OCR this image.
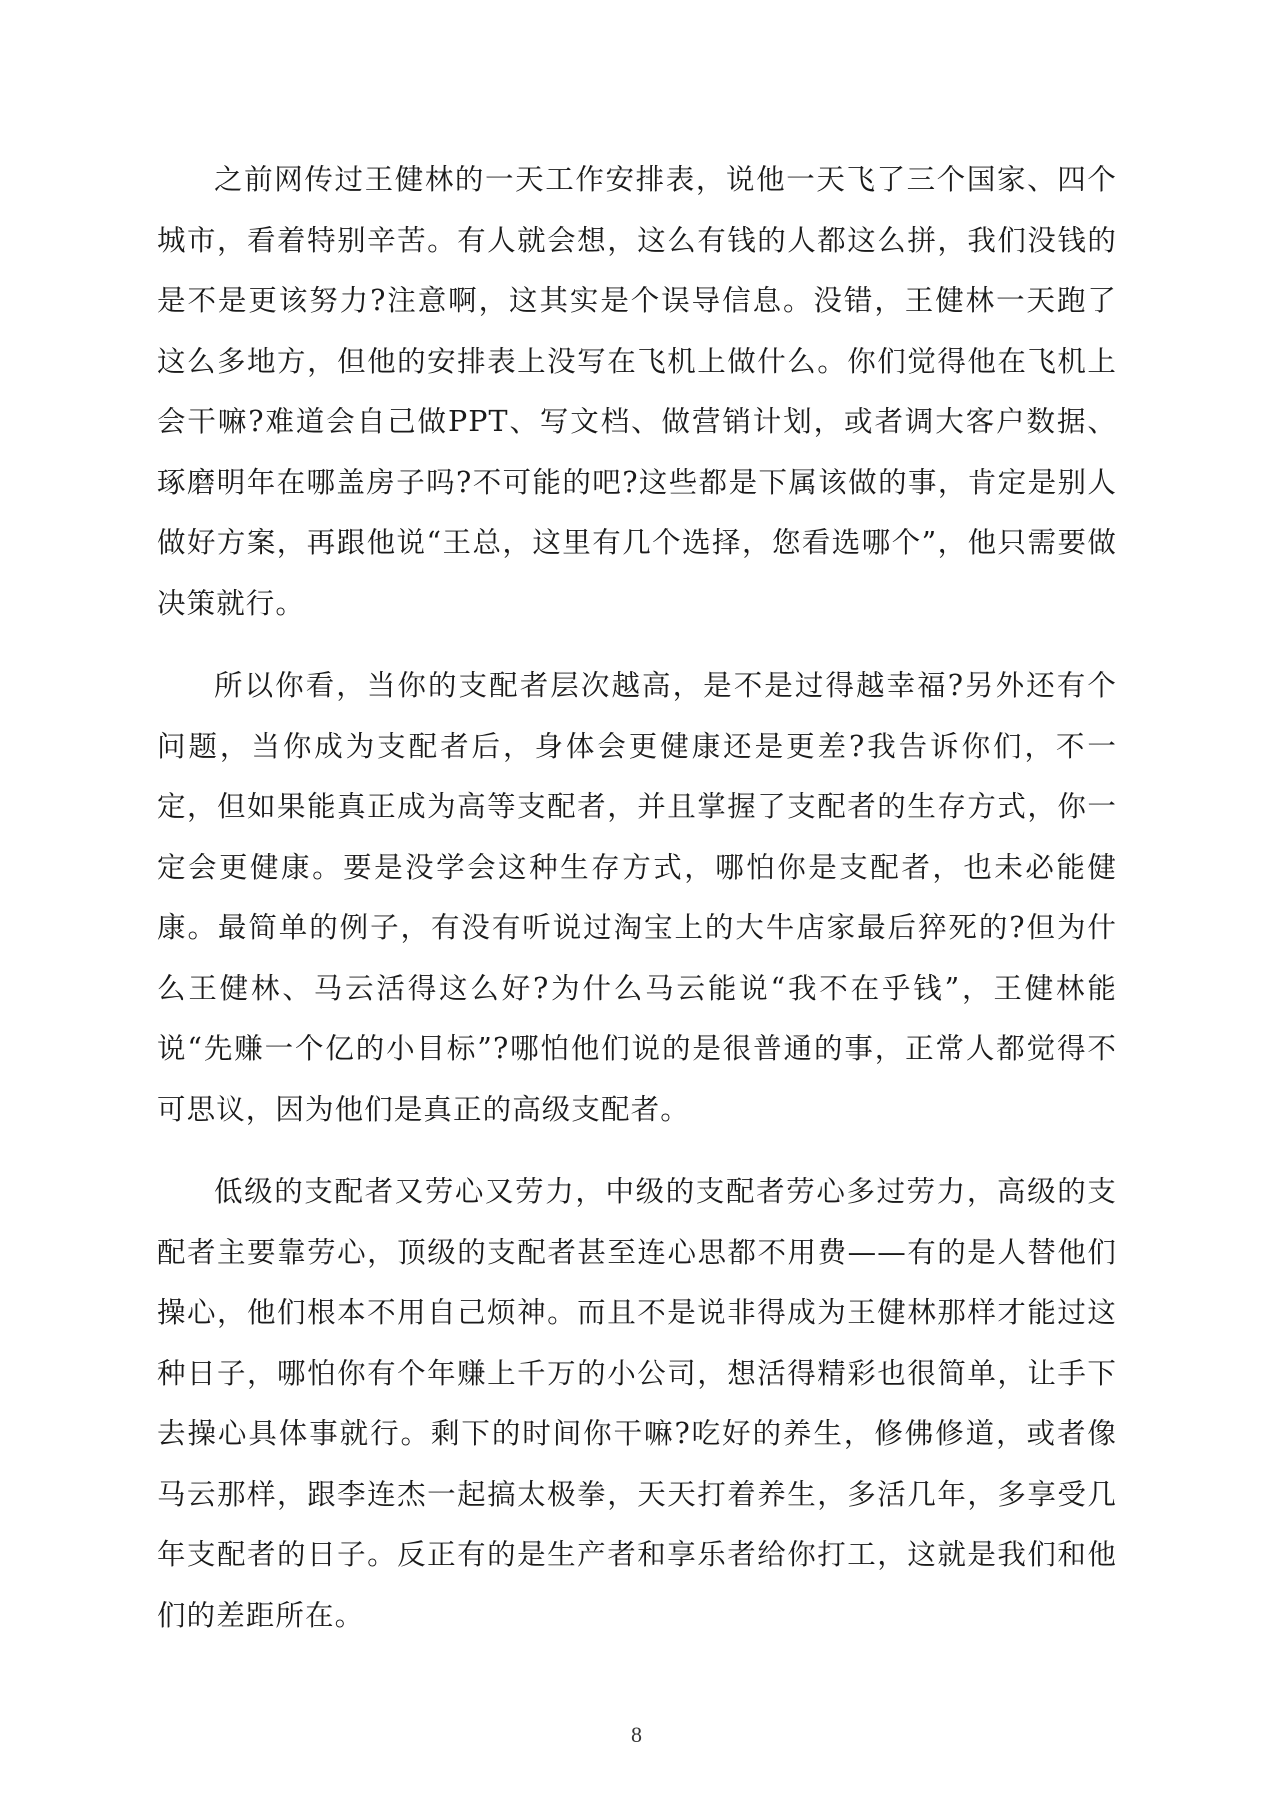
之前网传过王健林的一天工作安排表，说他一天飞了三个国家、四个城市，看着特别辛苦。有人就会想，这么有钱的人都这么拼，我们没钱的是不是更该努力?注意啊，这其实是个误导信息。没错，王健林一天跑了这么多地方，但他的安排表上没写在飞机上做什么。你们觉得他在飞机上会干嘛?难道会自己做PPT、写文档、做营销计划，或者调大客户数据、琢磨明年在哪盖房子吗?不可能的吧?这些都是下属该做的事，肯定是别人做好方案，再跟他说“王总，这里有几个选择，您看选哪个”，他只需要做决策就行。

所以你看，当你的支配者层次越高，是不是过得越幸福?另外还有个问题，当你成为支配者后，身体会更健康还是更差?我告诉你们，不一定，但如果能真正成为高等支配者，并且掌握了支配者的生存方式，你一定会更健康。要是没学会这种生存方式，哪怕你是支配者，也未必能健康。最简单的例子，有没有听说过淘宝上的大牛店家最后猝死的?但为什么王健林、马云活得这么好?为什么马云能说“我不在乎钱”，王健林能说“先赚一个亿的小目标”?哪怕他们说的是很普通的事，正常人都觉得不可思议，因为他们是真正的高级支配者。

低级的支配者又劳心又劳力，中级的支配者劳心多过劳力，高级的支配者主要靠劳心，顶级的支配者甚至连心思都不用费——有的是人替他们操心，他们根本不用自己烦神。而且不是说非得成为王健林那样才能过这种日子，哪怕你有个年赚上千万的小公司，想活得精彩也很简单，让手下去操心具体事就行。剩下的时间你干嘛?吃好的养生，修佛修道，或者像马云那样，跟李连杰一起搞太极拳，天天打着养生，多活几年，多享受几年支配者的日子。反正有的是生产者和享乐者给你打工，这就是我们和他们的差距所在。

8
